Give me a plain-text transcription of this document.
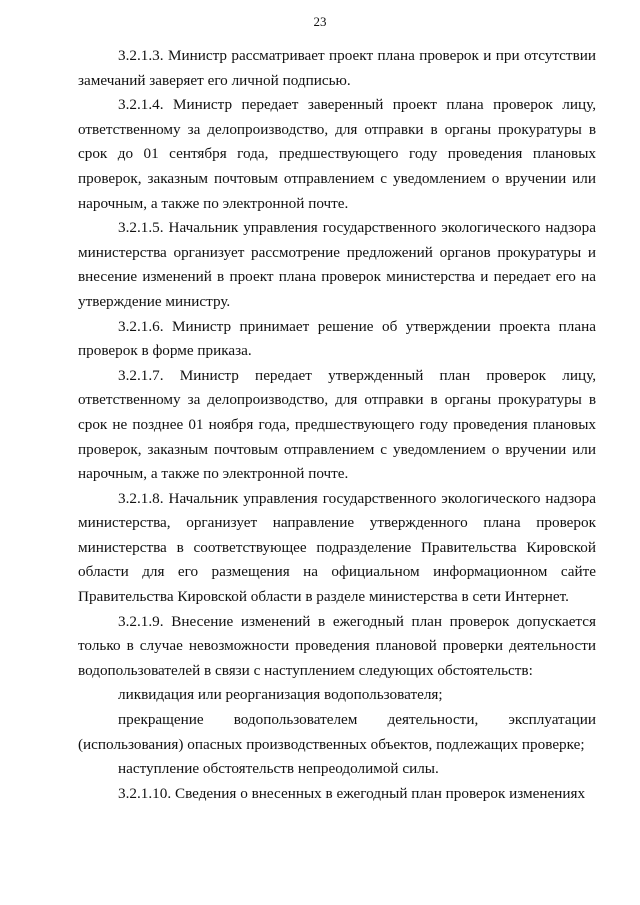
23

3.2.1.3. Министр рассматривает проект плана проверок и при отсутствии замечаний заверяет его личной подписью.

3.2.1.4. Министр передает заверенный проект плана проверок лицу, ответственному за делопроизводство, для отправки в органы прокуратуры в срок до 01 сентября года, предшествующего году проведения плановых проверок, заказным почтовым отправлением с уведомлением о вручении или нарочным, а также по электронной почте.

3.2.1.5. Начальник управления государственного экологического надзора министерства организует рассмотрение предложений органов прокуратуры и внесение изменений в проект плана проверок министерства и передает его на утверждение министру.

3.2.1.6. Министр принимает решение об утверждении проекта плана проверок в форме приказа.

3.2.1.7. Министр передает утвержденный план проверок лицу, ответственному за делопроизводство, для отправки в органы прокуратуры в срок не позднее 01 ноября года, предшествующего году проведения плановых проверок, заказным почтовым отправлением с уведомлением о вручении или нарочным, а также по электронной почте.

3.2.1.8. Начальник управления государственного экологического надзора министерства, организует направление утвержденного плана проверок министерства в соответствующее подразделение Правительства Кировской области для его размещения на официальном информационном сайте Правительства Кировской области в разделе министерства в сети Интернет.

3.2.1.9. Внесение изменений в ежегодный план проверок допускается только в случае невозможности проведения плановой проверки деятельности водопользователей в связи с наступлением следующих обстоятельств:

ликвидация или реорганизация водопользователя;

прекращение водопользователем деятельности, эксплуатации (использования) опасных производственных объектов, подлежащих проверке;

наступление обстоятельств непреодолимой силы.

3.2.1.10. Сведения о внесенных в ежегодный план проверок изменениях
